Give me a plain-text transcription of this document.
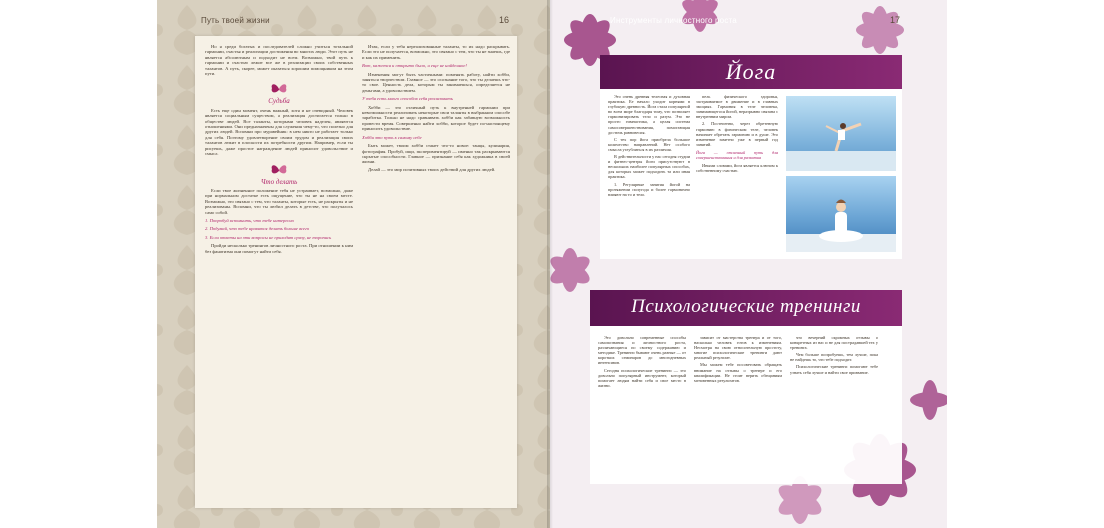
Путь твоей жизни	16

Но я среди богатых и последователей сложно учиться тотальной гармонии, счастья и реализации достижения во многих люди. Этот путь не является абсолютным и подходит не всем. Возможно, твой путь к гармонии и счастью лежит все же в реализации своих собственных талантов. А путь, скорее, может оказаться хорошим помощником на этом пути.

Судьба

Есть еще один момент, очень важный, хотя и не очевидный. Человек является социальным существом, а реализация достигается только в обществе людей. Все таланты, которыми человек наделен, являются отношениями. Они предназначены для служения чему-то, что полезно для других людей. Вспомни про муравейник: в нем никто не работает только для себя. Поэтому удовлетворение своим трудом и реализация своих талантов лежит в плоскости их потребности другим. Например, если ты рисуешь, даже простое награждение людей приносит удовольствие и смысл.

Что делать

Если твое жизненное положение тебя не устраивает, возможно, даже при нормальном достатке есть ощущение, что ты не на своем месте. Возможно, это связано с тем, что таланты, которые есть, не раскрыты и не реализованы. Вспомни, что ты любил делать в детстве, что получалось само собой.

1. Попробуй вспомнить, что тебе интересно

2. Подумай, что тебе нравится делать больше всего

3. Если ответы на эти вопросы не приходят сразу, не торопись

Пройди несколько тренингов личностного роста. При отношении к ним без фанатизма они помогут найти себя.

Итак, если у тебя нереализованные таланты, то их надо раскрывать. Если это не получается, возможно, это связано с тем, что ты не знаешь, где и как их применить.

Вот, кажется и открыто было, и еще не найденное!

Изменения могут быть частичными: поменять работу, найти хобби, заняться творчеством. Главное — это осознание того, что ты делаешь что-то свое. Ценность дела, которым ты занимаешься, определяется не деньгами, а удовольствием.

У тебя есть много способов себя реализовать

Хобби — это отличный путь к внутренней гармонии при невозможности реализовать некоторые свои таланты в выбранном способе заработка. Только не надо сравнивать хобби как забавную возможность провести время. Совершенно найти хобби, которое будет по-настоящему приносить удовольствие.

Хобби это путь к самому себе

Быть может, твоим хобби станет что-то новое: танцы, кулинария, фотография. Пробуй, ищи, экспериментируй — именно так раскрываются скрытые способности. Главное — признание себя как художника в своей жизни.

Делай — это мир позитивных твоих действий для других людей.

Инструменты личностного роста	17
Йога

Это очень древняя телесная и духовная практика. Ее начало уходит корнями в глубокую древность. Йога стала популярной во всем мире благодаря тому, что позволяет гармонизировать тело и разум. Это не просто гимнастика, а целая система самосовершенствования, помогающая достичь равновесия.

С тех пор йога приобрела большое количество направлений. Нет особого смысла углубляться в их различия.

В действительности у нас сегодня студии и фитнес-центры йоги присутствуют в нескольких наиболее популярных способах, для которых может подходить та или иная практика.

1. Регулярные занятия йогой на протяжении полугода и более гармонично влияют на то и тело.

пель физического здоровья, застраиваемое в движение и в главных эмоциях. Гармония в теле человека, занимающегося йогой, неразрывно связана с внутренним миром.

2. Постепенно, через обретенную гармонию в физическом теле, человек начинает обретать гармонию и в душе. Это изменение заметно уже в первый год занятий.

Йога — отличный путь для совершенствования и для развития

Иными словами, йога является ключом к собственному счастью.

Психологические тренинги

Это довольно современные способы самопознания и личностного роста, различающиеся по своему содержанию и методике. Тренинги бывают очень разные — от коротких семинаров до многодневных интенсивов.

Сегодня психологические тренинги — это довольно популярный инструмент, который помогает людям найти себя и свое место в жизни.

зависит от мастерства тренера и от того, насколько человек готов к изменениям. Несмотря на свою относительную простоту, многие психологические тренинги дают реальный результат.

Мы можем тебе посоветовать обращать внимание на отзывы о тренере и его квалификации. Не стоит верить обещаниям мгновенных результатов.

что вечерний скромных отзывы о конкретных из нас и не для пострадавшей тех у тренинга.

Чем больше попробуешь, тем лучше, пока не найдешь то, что тебе подходит.

Психологические тренинги помогают тебе узнать себя лучше и найти свое призвание.
